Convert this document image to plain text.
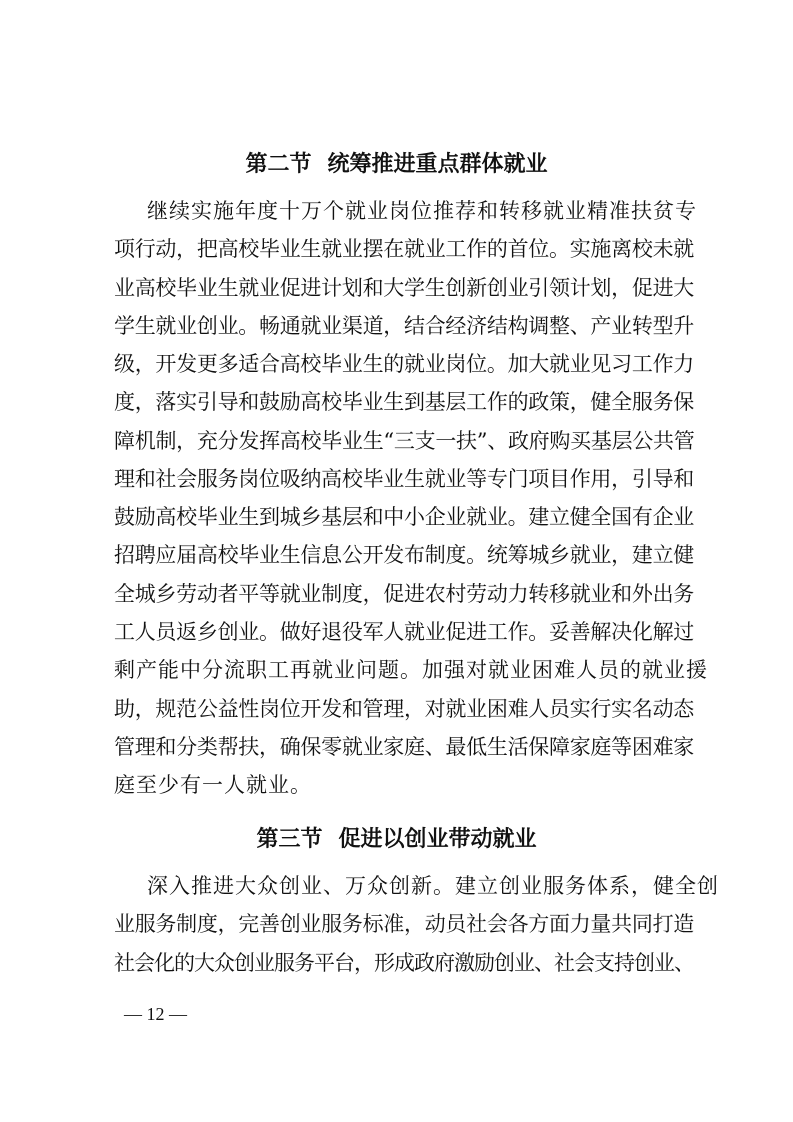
第二节 统筹推进重点群体就业
继续实施年度十万个就业岗位推荐和转移就业精准扶贫专
项行动，把高校毕业生就业摆在就业工作的首位。实施离校未就
业高校毕业生就业促进计划和大学生创新创业引领计划，促进大
学生就业创业。畅通就业渠道，结合经济结构调整、产业转型升
级，开发更多适合高校毕业生的就业岗位。加大就业见习工作力
度，落实引导和鼓励高校毕业生到基层工作的政策，健全服务保
障机制，充分发挥高校毕业生“三支一扶”、政府购买基层公共管
理和社会服务岗位吸纳高校毕业生就业等专门项目作用，引导和
鼓励高校毕业生到城乡基层和中小企业就业。建立健全国有企业
招聘应届高校毕业生信息公开发布制度。统筹城乡就业，建立健
全城乡劳动者平等就业制度，促进农村劳动力转移就业和外出务
工人员返乡创业。做好退役军人就业促进工作。妥善解决化解过
剩产能中分流职工再就业问题。加强对就业困难人员的就业援
助，规范公益性岗位开发和管理，对就业困难人员实行实名动态
管理和分类帮扶，确保零就业家庭、最低生活保障家庭等困难家
庭至少有一人就业。
第三节 促进以创业带动就业
深入推进大众创业、万众创新。建立创业服务体系，健全创
业服务制度，完善创业服务标准，动员社会各方面力量共同打造
社会化的大众创业服务平台，形成政府激励创业、社会支持创业、
— 12 —
